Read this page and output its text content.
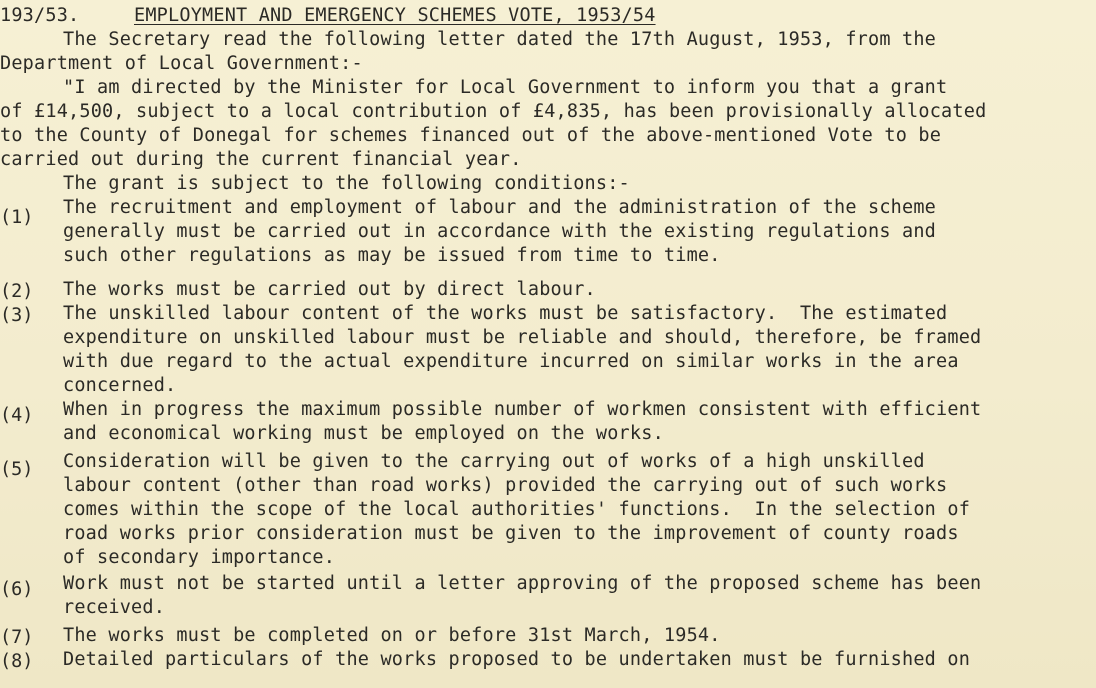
193/53.	EMPLOYMENT AND EMERGENCY SCHEMES VOTE, 1953/54

The Secretary read the following letter dated the 17th August, 1953, from the

Department of Local Government:-

"I am directed by the Minister for Local Government to inform you that a grant

of £14,500, subject to a local contribution of £4,835, has been provisionally allocated

to the County of Donegal for schemes financed out of the above-mentioned Vote to be

carried out during the current financial year.

The grant is subject to the following conditions:-

(1) The recruitment and employment of labour and the administration of the scheme

generally must be carried out in accordance with the existing regulations and

such other regulations as may be issued from time to time.

(2) The works must be carried out by direct labour.

(3) The unskilled labour content of the works must be satisfactory.  The estimated

expenditure on unskilled labour must be reliable and should, therefore, be framed

with due regard to the actual expenditure incurred on similar works in the area

concerned.

(4) When in progress the maximum possible number of workmen consistent with efficient

and economical working must be employed on the works.

(5) Consideration will be given to the carrying out of works of a high unskilled

labour content (other than road works) provided the carrying out of such works

comes within the scope of the local authorities' functions.  In the selection of

road works prior consideration must be given to the improvement of county roads

of secondary importance.

(6) Work must not be started until a letter approving of the proposed scheme has been

received.

(7) The works must be completed on or before 31st March, 1954.

(8) Detailed particulars of the works proposed to be undertaken must be furnished on
